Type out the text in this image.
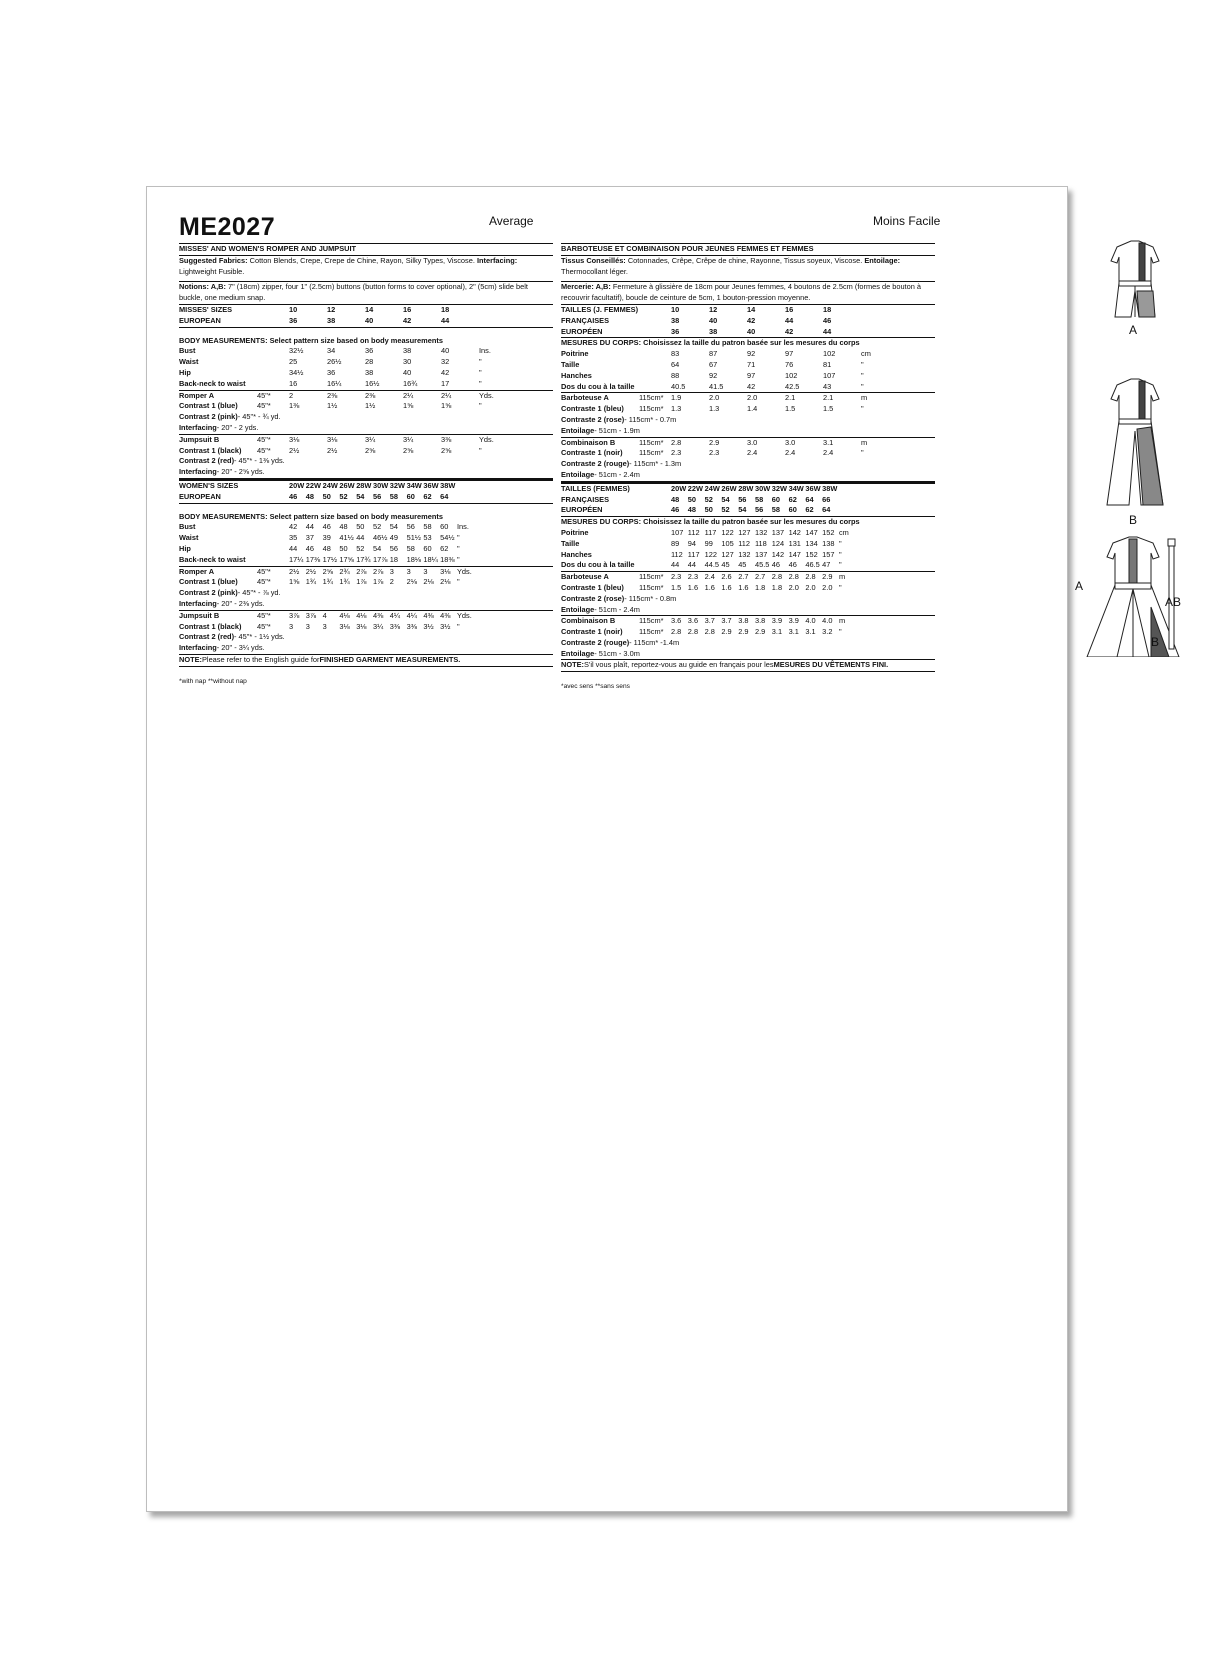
ME2027	Average	Moins Facile
MISSES' AND WOMEN'S ROMPER AND JUMPSUIT

Suggested Fabrics: Cotton Blends, Crepe, Crepe de Chine, Rayon, Silky Types, Viscose. Interfacing: Lightweight Fusible.

Notions: A,B: 7" (18cm) zipper, four 1" (2.5cm) buttons (button forms to cover optional), 2" (5cm) slide belt buckle, one medium snap.

MISSES' SIZES	10	12	14	16	18
EUROPEAN	36	38	40	42	44
BODY MEASUREMENTS: Select pattern size based on body measurements
Bust	32½	34	36	38	40	Ins.
Waist	25	26½	28	30	32	"
Hip	34½	36	38	40	42	"
Back-neck to waist	16	16¼	16½	16¾	17	"
Romper A	45"*	2	2⅜	2⅜	2¼	2¼	Yds.
Contrast 1 (blue)	45"*	1⅜	1½	1½	1⅝	1⅝	"
Contrast 2 (pink) - 45"* - ¾ yd.
Interfacing - 20" - 2 yds.
Jumpsuit B	45"*	3⅛	3⅛	3¼	3¼	3⅜	Yds.
Contrast 1 (black)	45"*	2½	2½	2⅝	2⅝	2⅝	"
Contrast 2 (red) - 45"* - 1⅜ yds.
Interfacing - 20" - 2⅝ yds.
WOMEN'S SIZES	20W 22W 24W 26W 28W 30W 32W 34W 36W 38W
EUROPEAN	46	48	50	52	54	56	58	60	62	64
BODY MEASUREMENTS: Select pattern size based on body measurements
Bust	42	44	46	48	50	52	54	56	58	60	Ins.
Waist	35	37	39	41½ 44	46½ 49	51½ 53	54½ "
Hip	44	46	48	50	52	54	56	58	60	62	"
Back-neck to waist	17¼ 17⅜ 17½ 17⅝ 17¾ 17⅞ 18	18⅛ 18¼ 18⅜ "
Romper A	45"*	2½ 2½ 2⅝ 2¾ 2⅞ 2⅞ 3	3	3	3⅛ Yds.
Contrast 1 (blue)	45"*	1⅝ 1¾ 1¾ 1¾ 1⅞ 1⅞ 2	2⅛ 2⅛ 2⅛ "
Contrast 2 (pink) - 45"* - ⅞ yd.
Interfacing - 20" - 2⅜ yds.
Jumpsuit B	45"*	3⅞ 3⅞ 4	4⅛ 4⅛ 4⅜ 4¼ 4¼ 4⅜ 4⅜ Yds.
Contrast 1 (black)	45"*	3	3	3	3⅛ 3⅛ 3¼ 3⅜ 3⅜ 3½ 3½ "
Contrast 2 (red) - 45"* - 1½ yds.
Interfacing - 20" - 3¼ yds.
NOTE: Please refer to the English guide for FINISHED GARMENT MEASUREMENTS.
*with nap **without nap
BARBOTEUSE ET COMBINAISON POUR JEUNES FEMMES ET FEMMES

Tissus Conseillés: Cotonnades, Crêpe, Crêpe de chine, Rayonne, Tissus soyeux, Viscose. Entoilage: Thermocollant léger.

Mercerie: A,B: Fermeture à glissière de 18cm pour Jeunes femmes, 4 boutons de 2.5cm (formes de bouton à recouvrir facultatif), boucle de ceinture de 5cm, 1 bouton-pression moyenne.

TAILLES (J. FEMMES)	10	12	14	16	18
FRANÇAISES	38	40	42	44	46
EUROPÉEN	36	38	40	42	44
MESURES DU CORPS: Choisissez la taille du patron basée sur les mesures du corps
Poitrine	83	87	92	97	102	cm
Taille	64	67	71	76	81	"
Hanches	88	92	97	102	107	"
Dos du cou à la taille	40.5	41.5	42	42.5	43	"
Barboteuse A	115cm*	1.9	2.0	2.0	2.1	2.1	m
Contraste 1 (bleu)	115cm*	1.3	1.3	1.4	1.5	1.5	"
Contraste 2 (rose) - 115cm* - 0.7m
Entoilage - 51cm - 1.9m
Combinaison B	115cm*	2.8	2.9	3.0	3.0	3.1	m
Contraste 1 (noir)	115cm*	2.3	2.3	2.4	2.4	2.4	"
Contraste 2 (rouge) - 115cm* - 1.3m
Entoilage - 51cm - 2.4m
TAILLES (FEMMES)	20W 22W 24W 26W 28W 30W 32W 34W 36W 38W
FRANÇAISES	48	50	52	54	56	58	60	62	64	66
EUROPÉEN	46	48	50	52	54	56	58	60	62	64
MESURES DU CORPS: Choisissez la taille du patron basée sur les mesures du corps
Poitrine	107 112 117 122 127 132 137 142 147 152 cm
Taille	89	94	99	105 112 118 124 131 134 138 "
Hanches	112 117 122 127 132 137 142 147 152 157 "
Dos du cou à la taille	44	44	44.5 45	45	45.5 46	46	46.5 47	"
Barboteuse A	115cm*	2.3 2.3 2.4 2.6 2.7 2.7 2.8 2.8 2.8 2.9 m
Contraste 1 (bleu)	115cm*	1.5 1.6 1.6 1.6 1.6 1.8 1.8 2.0 2.0 2.0 "
Contraste 2 (rose) - 115cm* - 0.8m
Entoilage - 51cm - 2.4m
Combinaison B	115cm*	3.6 3.6 3.7 3.7 3.8 3.8 3.9 3.9 4.0 4.0 m
Contraste 1 (noir)	115cm*	2.8 2.8 2.8 2.9 2.9 2.9 3.1 3.1 3.1 3.2 "
Contraste 2 (rouge) - 115cm* -1.4m
Entoilage - 51cm - 3.0m
NOTE: S'il vous plaît, reportez-vous au guide en français pour les MESURES DU VÊTEMENTS FINI.
*avec sens **sans sens
A
B
A
AB
B
